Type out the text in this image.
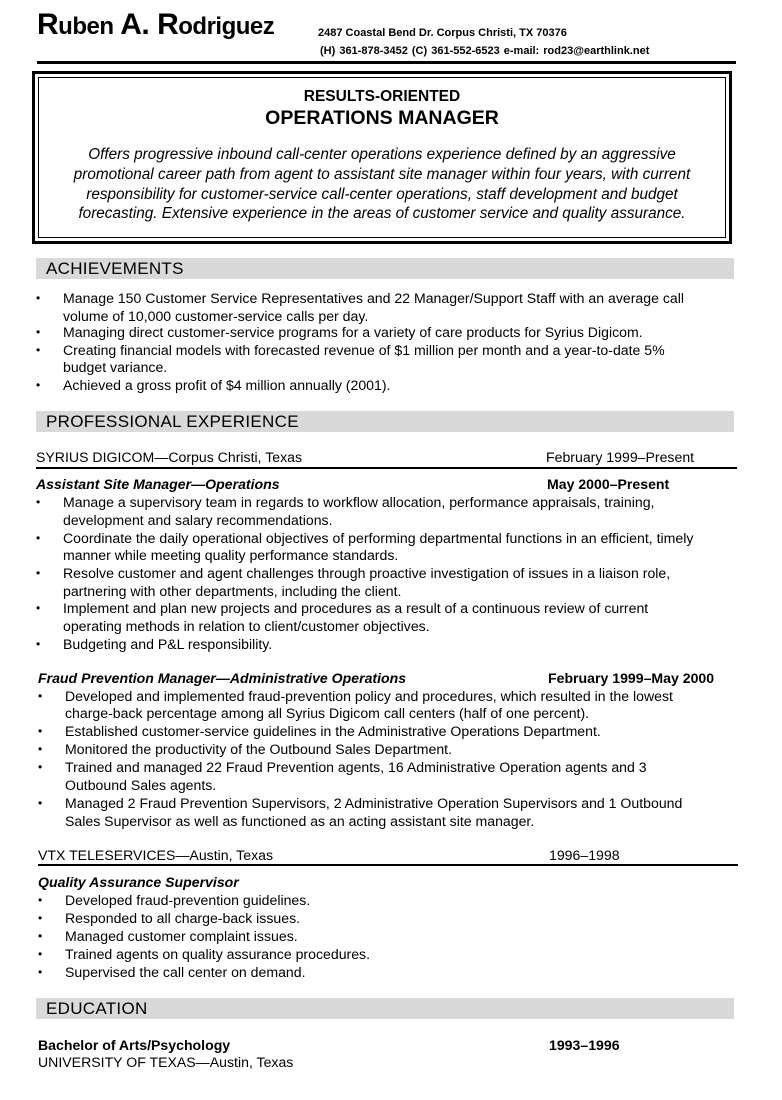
Ruben A. Rodriguez	2487 Coastal Bend Dr. Corpus Christi, TX 70376
(H) 361-878-3452 (C) 361-552-6523 e-mail: rod23@earthlink.net
RESULTS-ORIENTED
OPERATIONS MANAGER
Offers progressive inbound call-center operations experience defined by an aggressive
promotional career path from agent to assistant site manager within four years, with current
responsibility for customer-service call-center operations, staff development and budget
forecasting. Extensive experience in the areas of customer service and quality assurance.
ACHIEVEMENTS
• Manage 150 Customer Service Representatives and 22 Manager/Support Staff with an average call
volume of 10,000 customer-service calls per day.
• Managing direct customer-service programs for a variety of care products for Syrius Digicom.
• Creating financial models with forecasted revenue of $1 million per month and a year-to-date 5%
budget variance.
• Achieved a gross profit of $4 million annually (2001).
PROFESSIONAL EXPERIENCE
SYRIUS DIGICOM—Corpus Christi, Texas	February 1999–Present
Assistant Site Manager—Operations	May 2000–Present
• Manage a supervisory team in regards to workflow allocation, performance appraisals, training,
development and salary recommendations.
• Coordinate the daily operational objectives of performing departmental functions in an efficient, timely
manner while meeting quality performance standards.
• Resolve customer and agent challenges through proactive investigation of issues in a liaison role,
partnering with other departments, including the client.
• Implement and plan new projects and procedures as a result of a continuous review of current
operating methods in relation to client/customer objectives.
• Budgeting and P&L responsibility.
Fraud Prevention Manager—Administrative Operations	February 1999–May 2000
• Developed and implemented fraud-prevention policy and procedures, which resulted in the lowest
charge-back percentage among all Syrius Digicom call centers (half of one percent).
• Established customer-service guidelines in the Administrative Operations Department.
• Monitored the productivity of the Outbound Sales Department.
• Trained and managed 22 Fraud Prevention agents, 16 Administrative Operation agents and 3
Outbound Sales agents.
• Managed 2 Fraud Prevention Supervisors, 2 Administrative Operation Supervisors and 1 Outbound
Sales Supervisor as well as functioned as an acting assistant site manager.
VTX TELESERVICES—Austin, Texas	1996–1998
Quality Assurance Supervisor
• Developed fraud-prevention guidelines.
• Responded to all charge-back issues.
• Managed customer complaint issues.
• Trained agents on quality assurance procedures.
• Supervised the call center on demand.
EDUCATION
Bachelor of Arts/Psychology	1993–1996
UNIVERSITY OF TEXAS—Austin, Texas
